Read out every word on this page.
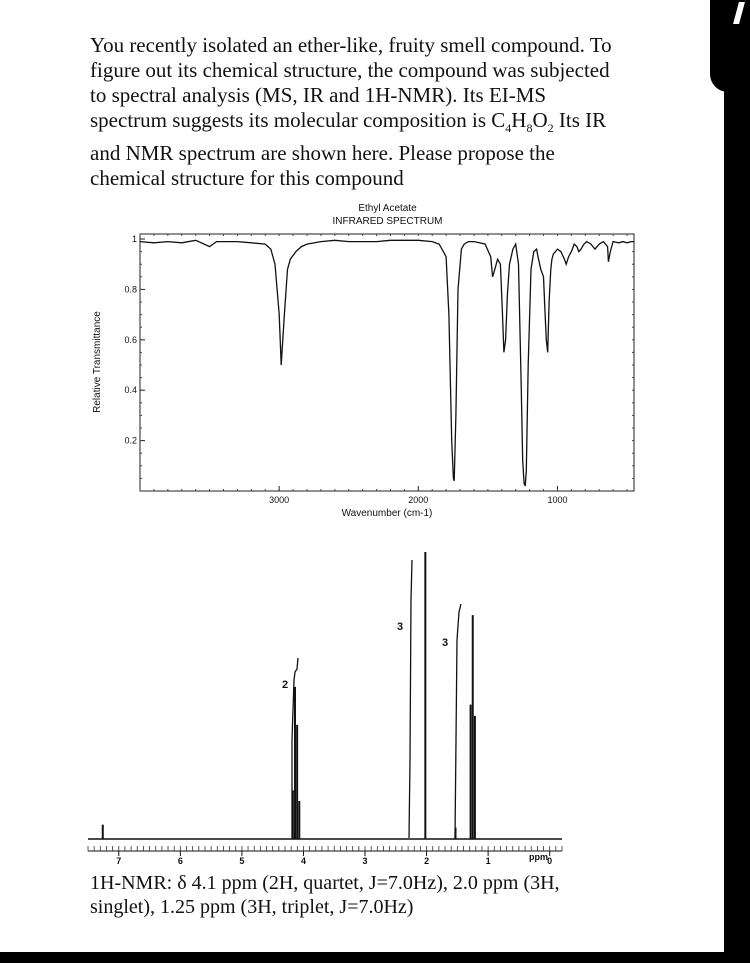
You recently isolated an ether-like, fruity smell compound. To
figure out its chemical structure, the compound was subjected
to spectral analysis (MS, IR and 1H-NMR). Its EI-MS
spectrum suggests its molecular composition is $C_4H_8O_2$ Its IR
and NMR spectrum are shown here. Please propose the
chemical structure for this compound

Ethyl Acetate
INFRARED SPECTRUM
3000	2000	1000
0.2
0.4
0.6
0.8
1
Wavenumber (cm-1)
Relative Transmittance
7	6	5	4	3	2	1	0
2
3
3
ppm

1H-NMR: δ 4.1 ppm (2H, quartet, J=7.0Hz), 2.0 ppm (3H,
singlet), 1.25 ppm (3H, triplet, J=7.0Hz)
